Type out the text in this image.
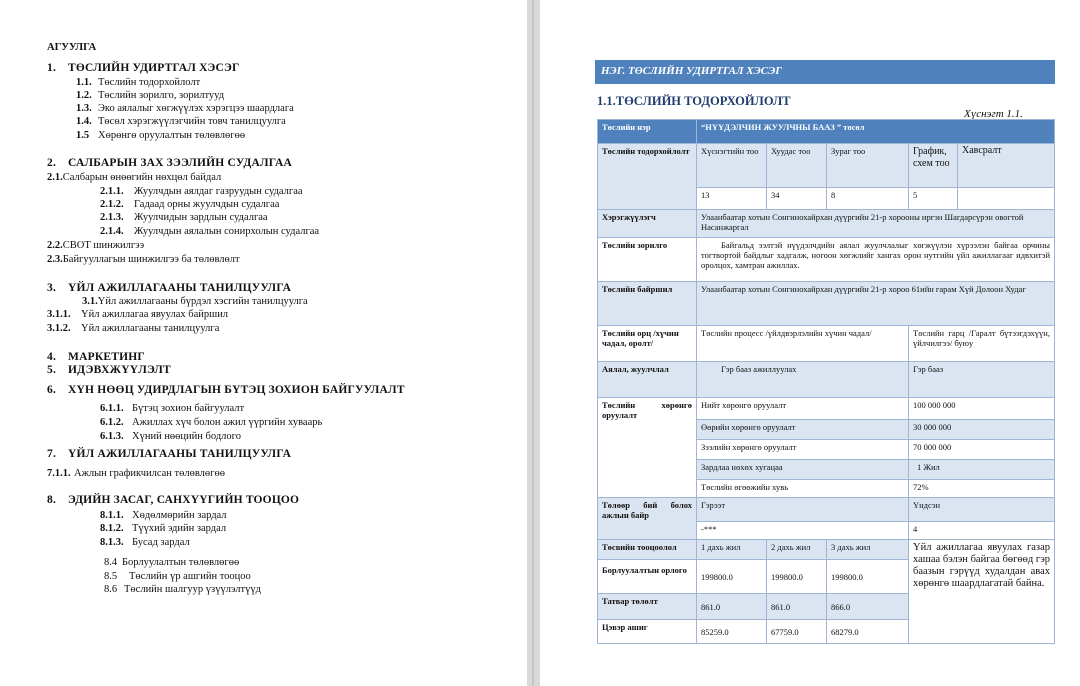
АГУУЛГА
1. ТӨСЛИЙН УДИРТГАЛ ХЭСЭГ
1.1. Төслийн тодорхойлолт
1.2. Төслийн зорилго, зорилтууд
1.3. Эко аялалыг хөгжүүлэх хэрэгцээ шаардлага
1.4. Төсөл хэрэгжүүлэгчийн товч танилцуулга
1.5 Хөрөнгө оруулалтын төлөвлөгөө
2. САЛБАРЫН ЗАХ ЗЭЭЛИЙН СУДАЛГАА
2.1.Салбарын өнөөгийн нөхцөл байдал
2.1.1. Жуулчдын аялдаг газруудын судалгаа
2.1.2. Гадаад орны жуулчдын судалгаа
2.1.3. Жуулчидын зардлын судалгаа
2.1.4. Жуулчдын аялалын сонирхолын судалгаа
2.2.СВОТ шинжилгээ
2.3.Байгууллагын шинжилгээ ба төлөвлөлт
3. ҮЙЛ АЖИЛЛАГААНЫ ТАНИЛЦУУЛГА
3.1.Үйл ажиллагааны бүрдэл хэсгийн танилцуулга
3.1.1. Үйл ажиллагаа явуулах байршил
3.1.2. Үйл ажиллагааны танилцуулга
4. МАРКЕТИНГ
5. ИДЭВХЖҮҮЛЭЛТ
6. ХҮН НӨӨЦ УДИРДЛАГЫН БҮТЭЦ ЗОХИОН БАЙГУУЛАЛТ
6.1.1. Бүтэц зохион байгуулалт
6.1.2. Ажиллах хүч болон ажил үүргийн хуваарь
6.1.3. Хүний нөөцийн бодлого
7. ҮЙЛ АЖИЛЛАГААНЫ ТАНИЛЦУУЛГА
7.1.1. Ажлын графикчилсан төлөвлөгөө
8. ЭДИЙН ЗАСАГ, САНХҮҮГИЙН ТООЦОО
8.1.1. Хөдөлмөрийн зардал
8.1.2. Түүхий эдийн зардал
8.1.3. Бусад зардал
8.4 Борлуулалтын төлөвлөгөө
8.5 Төслийн үр ашгийн тооцоо
8.6 Төслийн шалгуур үзүүлэлтүүд
НЭГ. ТӨСЛИЙН УДИРТГАЛ ХЭСЭГ
1.1.ТӨСЛИЙН ТОДОРХОЙЛОЛТ
Хүснэгт 1.1.
Төслийн нэр	“НҮҮДЭЛЧИН ЖУУЛЧНЫ БААЗ ” төсөл				
Төслийн тодорхойлолт	Хүснэгтийн тоо	Хуудас тоо	Зураг тоо	График, схем тоо	Хавсралт
	13	34	8	5	
Хэрэгжүүлэгч	Улаанбаатар хотын Сонгинохайрхан дүүргийн 21-р хорооны иргэн Шагдарсүрэн овогтой Насанжаргал				
Төслийн зорилго	Байгальд ээлтэй нүүдэлчдийн аялал жуулчлалыг хөгжүүлэн хүрээлэн байгаа орчины тогтвортой байдлыг хадгалж, ногоон хөгжлийг хангах орон нутгийн үйл ажиллагааг идвхитэй оролцох, хамтран ажиллах.				
Төслийн байршил	Улаанбаатар хотын Сонгинохайрхан дүүргийн 21-р хороо 61ийн гарам Хүй Долоон Худаг				
Төслийн орц /хүчин чадал, оролт/	Төслийн процесс /үйлдвэрлэлийн хүчин чадал/			Төслийн гарц /Гаралт бүтээгдэхүүн, үйлчилгээ/ буюу	
Аялал, жуулчлал	Гэр бааз ажиллуулах			Гэр бааз	
Төслийн хөрөнгө оруулалт	Нийт хөрөнгө оруулалт			100 000 000	
	Өөрийн хөрөнгө оруулалт			30 000 000	
	Зээлийн хөрөнгө оруулалт			70 000 000	
	Зардлаа нөхөх хугацаа			1 Жил	
	Төслийн өгөөжийн хувь			72%	
Төлөөр бий болох ажлын байр	Гэрээт			Үндсэн	
	-***			4	
Төсвийн тооцоолол	1 дахь жил	2 дахь жил	3 дахь жил	Үйл ажиллагаа явуулах газар хашаа бэлэн байгаа бөгөөд гэр баазын гэрүүд худалдан авах хөрөнгө шаардлагатай байна.	
Борлуулалтын орлого	199800.0	199800.0	199800.0		
Татвар төлөлт	861.0	861.0	866.0		
Цэвэр ашиг	85259.0	67759.0	68279.0		
